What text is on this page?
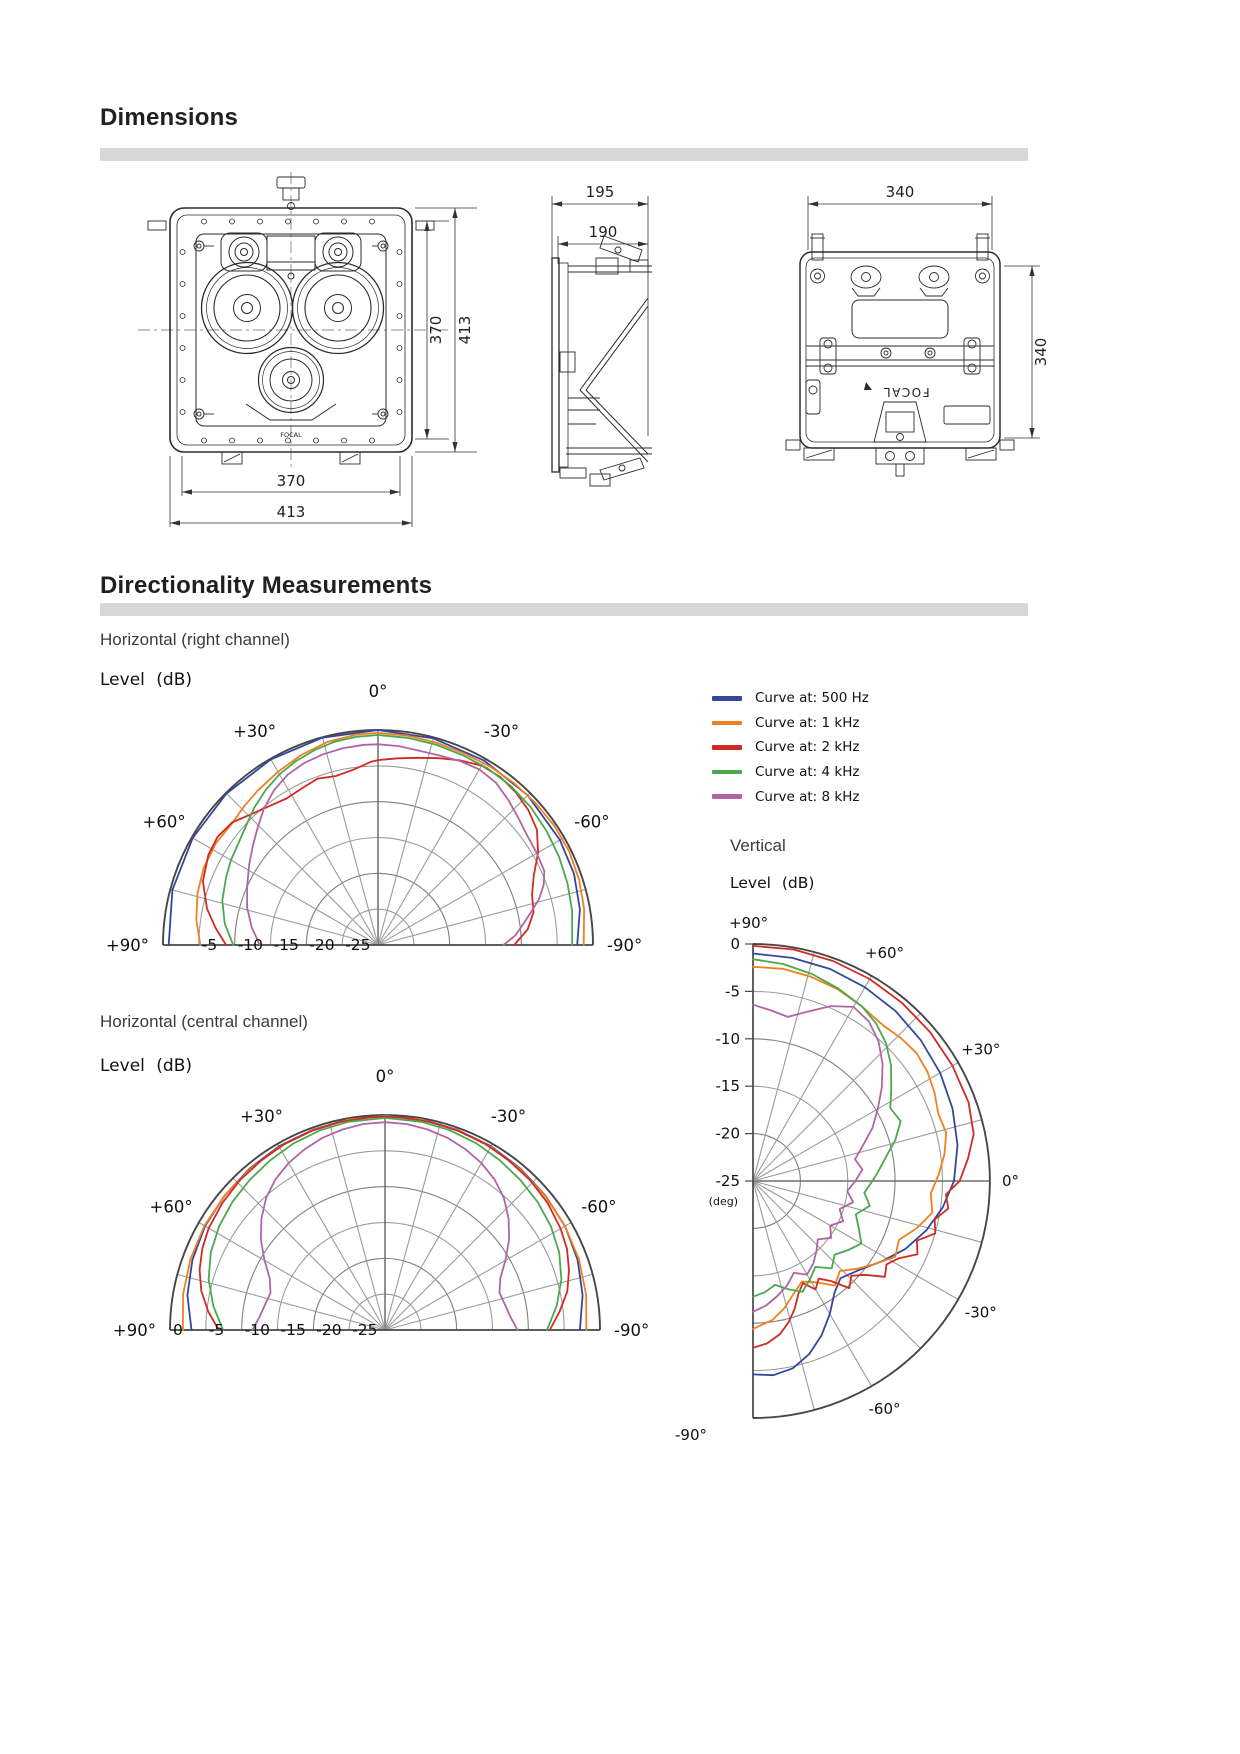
Dimensions
FOCAL
370
413
370 413
195
190
340
340
FOCAL
Directionality Measurements
Horizontal (right channel)
Level (dB)
Curve at: 500 Hz
Curve at: 1 kHz
Curve at: 2 kHz
Curve at: 4 kHz
Curve at: 8 kHz
Vertical
Level (dB)
Horizontal (central channel)
Level (dB)
0°
+90°	-90°
+30°	-30°
+60°	-60°
-5 -10 -15 -20 -25
0°
+90°	-90°
+30°	-30°
+60°	-60°
0 -5 -10 -15 -20 -25
+90°
0
-5
-10
-15
-20
-25
(deg)
+60°
+30°
0°
-30°
-60°
-90°
